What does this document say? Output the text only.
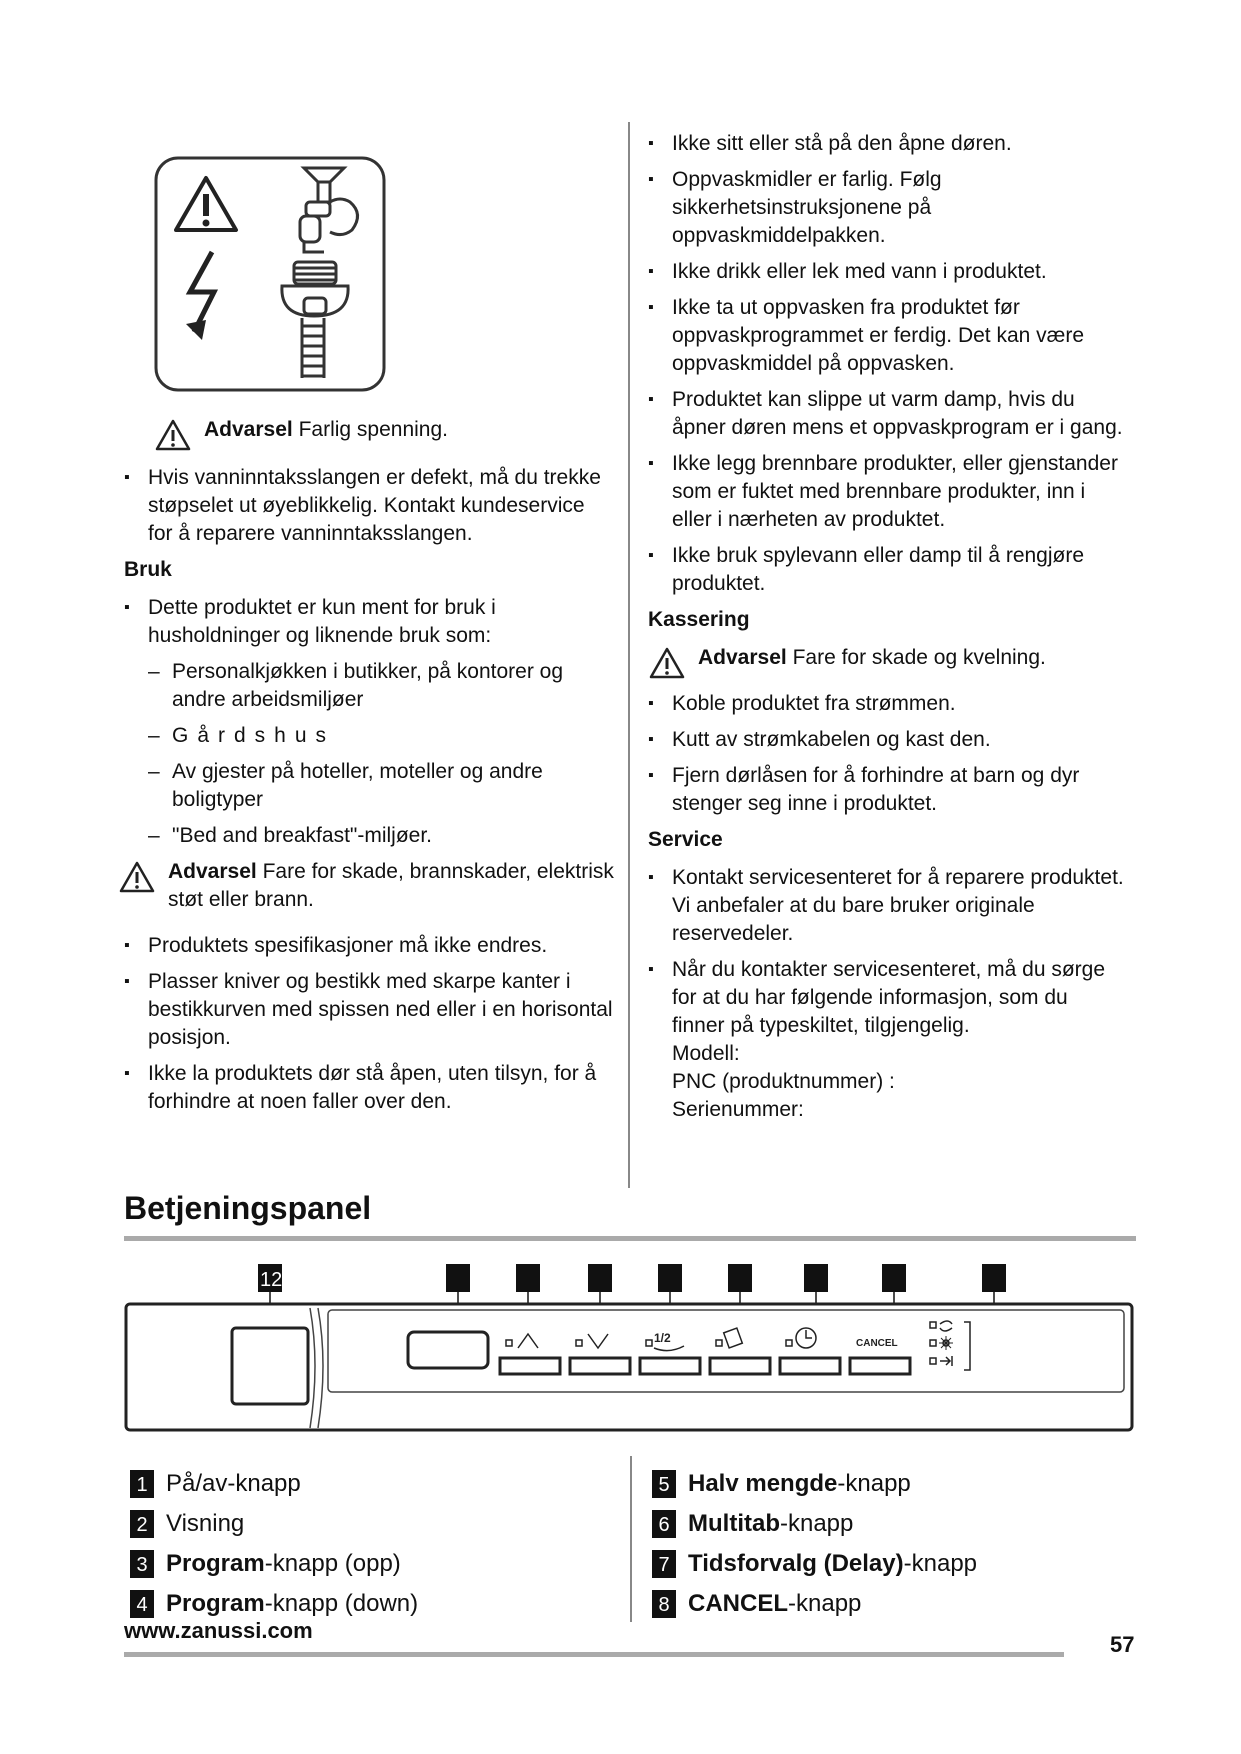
Advarsel Farlig spenning.

▪ Hvis vanninntaksslangen er defekt, må du trekke støpselet ut øyeblikkelig. Kontakt kundeservice for å reparere vanninntaksslangen.

Bruk

▪ Dette produktet er kun ment for bruk i husholdninger og liknende bruk som:

– Personalkjøkken i butikker, på kontorer og andre arbeidsmiljøer

– Gårdshus

– Av gjester på hoteller, moteller og andre boligtyper

– "Bed and breakfast"-miljøer.

Advarsel Fare for skade, brannskader, elektrisk støt eller brann.

▪ Produktets spesifikasjoner må ikke endres.

▪ Plasser kniver og bestikk med skarpe kanter i bestikkurven med spissen ned eller i en horisontal posisjon.

▪ Ikke la produktets dør stå åpen, uten tilsyn, for å forhindre at noen faller over den.

▪ Ikke sitt eller stå på den åpne døren.

▪ Oppvaskmidler er farlig. Følg sikkerhetsinstruksjonene på oppvaskmiddelpakken.

▪ Ikke drikk eller lek med vann i produktet.

▪ Ikke ta ut oppvasken fra produktet før oppvaskprogrammet er ferdig. Det kan være oppvaskmiddel på oppvasken.

▪ Produktet kan slippe ut varm damp, hvis du åpner døren mens et oppvaskprogram er i gang.

▪ Ikke legg brennbare produkter, eller gjenstander som er fuktet med brennbare produkter, inn i eller i nærheten av produktet.

▪ Ikke bruk spylevann eller damp til å rengjøre produktet.

Kassering

Advarsel Fare for skade og kvelning.

▪ Koble produktet fra strømmen.

▪ Kutt av strømkabelen og kast den.

▪ Fjern dørlåsen for å forhindre at barn og dyr stenger seg inne i produktet.

Service

▪ Kontakt servicesenteret for å reparere produktet. Vi anbefaler at du bare bruker originale reservedeler.

▪ Når du kontakter servicesenteret, må du sørge for at du har følgende informasjon, som du finner på typeskiltet, tilgjengelig.

Modell:

PNC (produktnummer) :

Serienummer:

Betjeningspanel
12
1/2	CANCEL
1 På/av-knapp
2 Visning
3 Program -knapp (opp)
4 Program -knapp (down)
5 Halv mengde -knapp
6 Multitab -knapp
7 Tidsforvalg (Delay) -knapp
8 CANCEL -knapp
www.zanussi.com
57
